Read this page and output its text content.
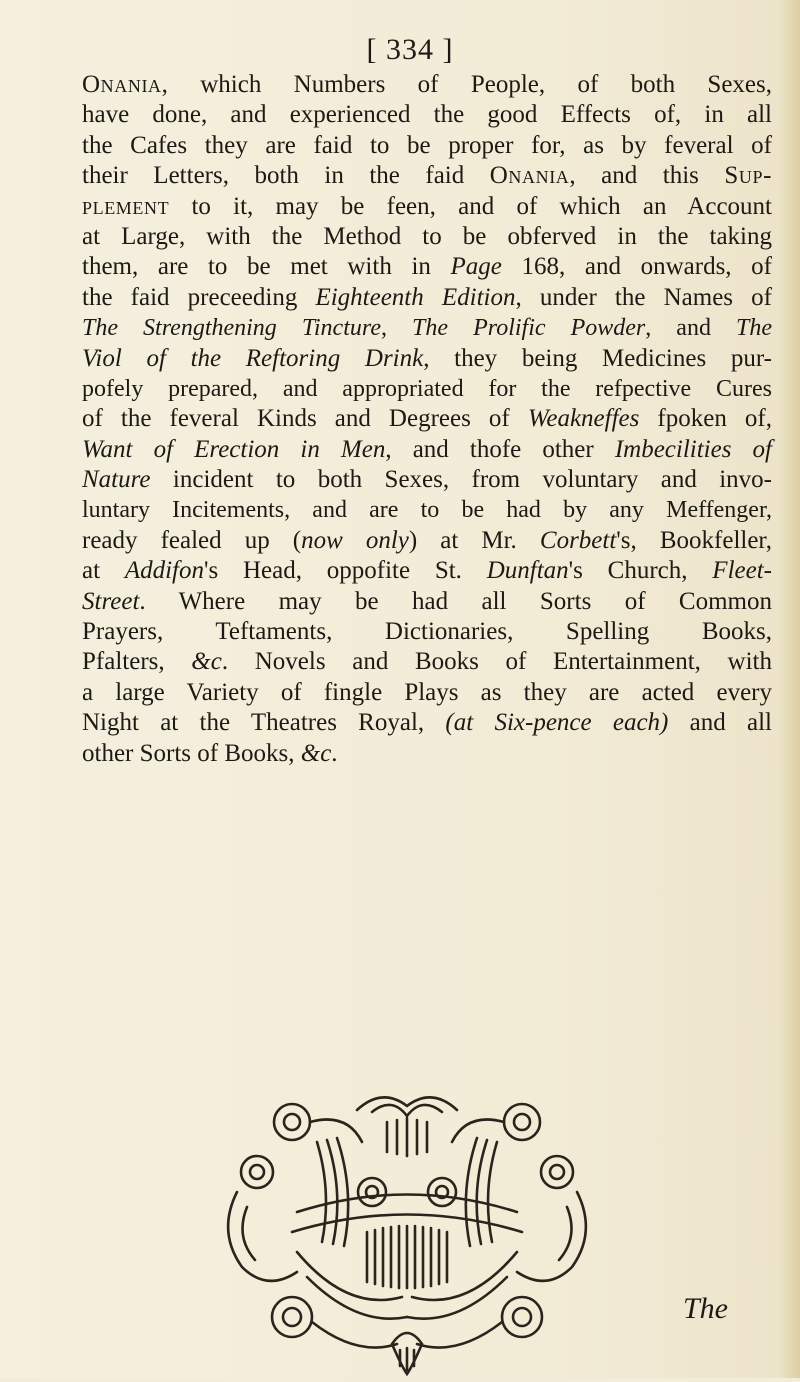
[ 334 ]
Onania, which Numbers of People, of both Sexes,
have done, and experienced the good Effects of, in all
the Cafes they are faid to be proper for, as by feveral of
their Letters, both in the faid Onania, and this Sup-
plement to it, may be feen, and of which an Account
at Large, with the Method to be obferved in the taking
them, are to be met with in Page 168, and onwards, of
the faid preceeding Eighteenth Edition, under the Names of
The Strengthening Tincture, The Prolific Powder, and The
Viol of the Reftoring Drink, they being Medicines pur-
pofely prepared, and appropriated for the refpective Cures
of the feveral Kinds and Degrees of Weakneffes fpoken of,
Want of Erection in Men, and thofe other Imbecilities of
Nature incident to both Sexes, from voluntary and invo-
luntary Incitements, and are to be had by any Meffenger,
ready fealed up (now only) at Mr. Corbett's, Bookfeller,
at Addifon's Head, oppofite St. Dunftan's Church, Fleet-
Street. Where may be had all Sorts of Common
Prayers, Teftaments, Dictionaries, Spelling Books,
Pfalters, &c. Novels and Books of Entertainment, with
a large Variety of fingle Plays as they are acted every
Night at the Theatres Royal, (at Six-pence each) and all
other Sorts of Books, &c.
The
